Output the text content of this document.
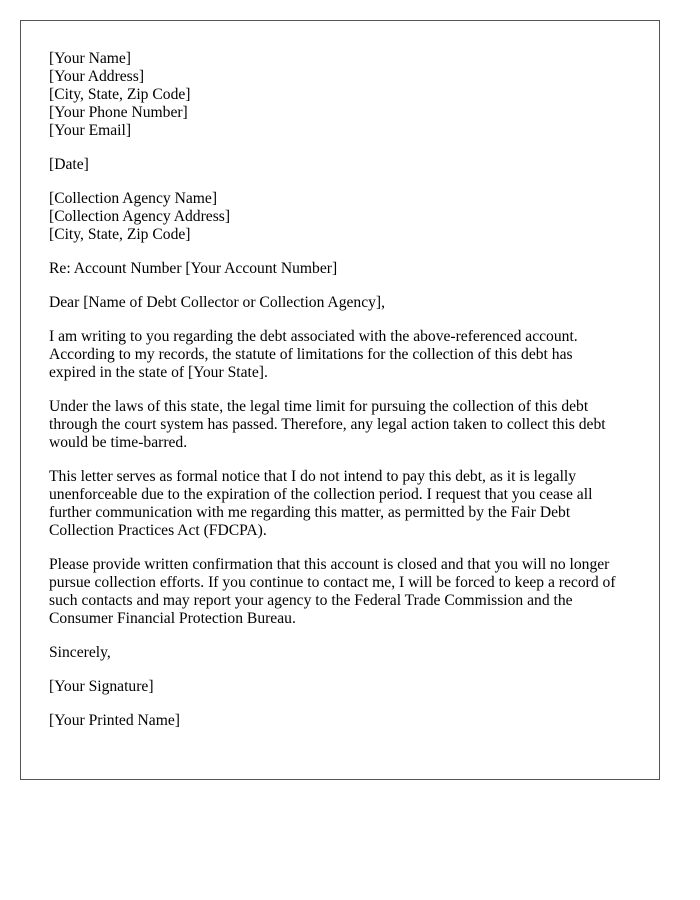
[Your Name]
[Your Address]
[City, State, Zip Code]
[Your Phone Number]
[Your Email]
[Date]
[Collection Agency Name]
[Collection Agency Address]
[City, State, Zip Code]
Re: Account Number [Your Account Number]
Dear [Name of Debt Collector or Collection Agency],
I am writing to you regarding the debt associated with the above-referenced account.
According to my records, the statute of limitations for the collection of this debt has
expired in the state of [Your State].
Under the laws of this state, the legal time limit for pursuing the collection of this debt
through the court system has passed. Therefore, any legal action taken to collect this debt
would be time-barred.
This letter serves as formal notice that I do not intend to pay this debt, as it is legally
unenforceable due to the expiration of the collection period. I request that you cease all
further communication with me regarding this matter, as permitted by the Fair Debt
Collection Practices Act (FDCPA).
Please provide written confirmation that this account is closed and that you will no longer
pursue collection efforts. If you continue to contact me, I will be forced to keep a record of
such contacts and may report your agency to the Federal Trade Commission and the
Consumer Financial Protection Bureau.
Sincerely,
[Your Signature]
[Your Printed Name]
